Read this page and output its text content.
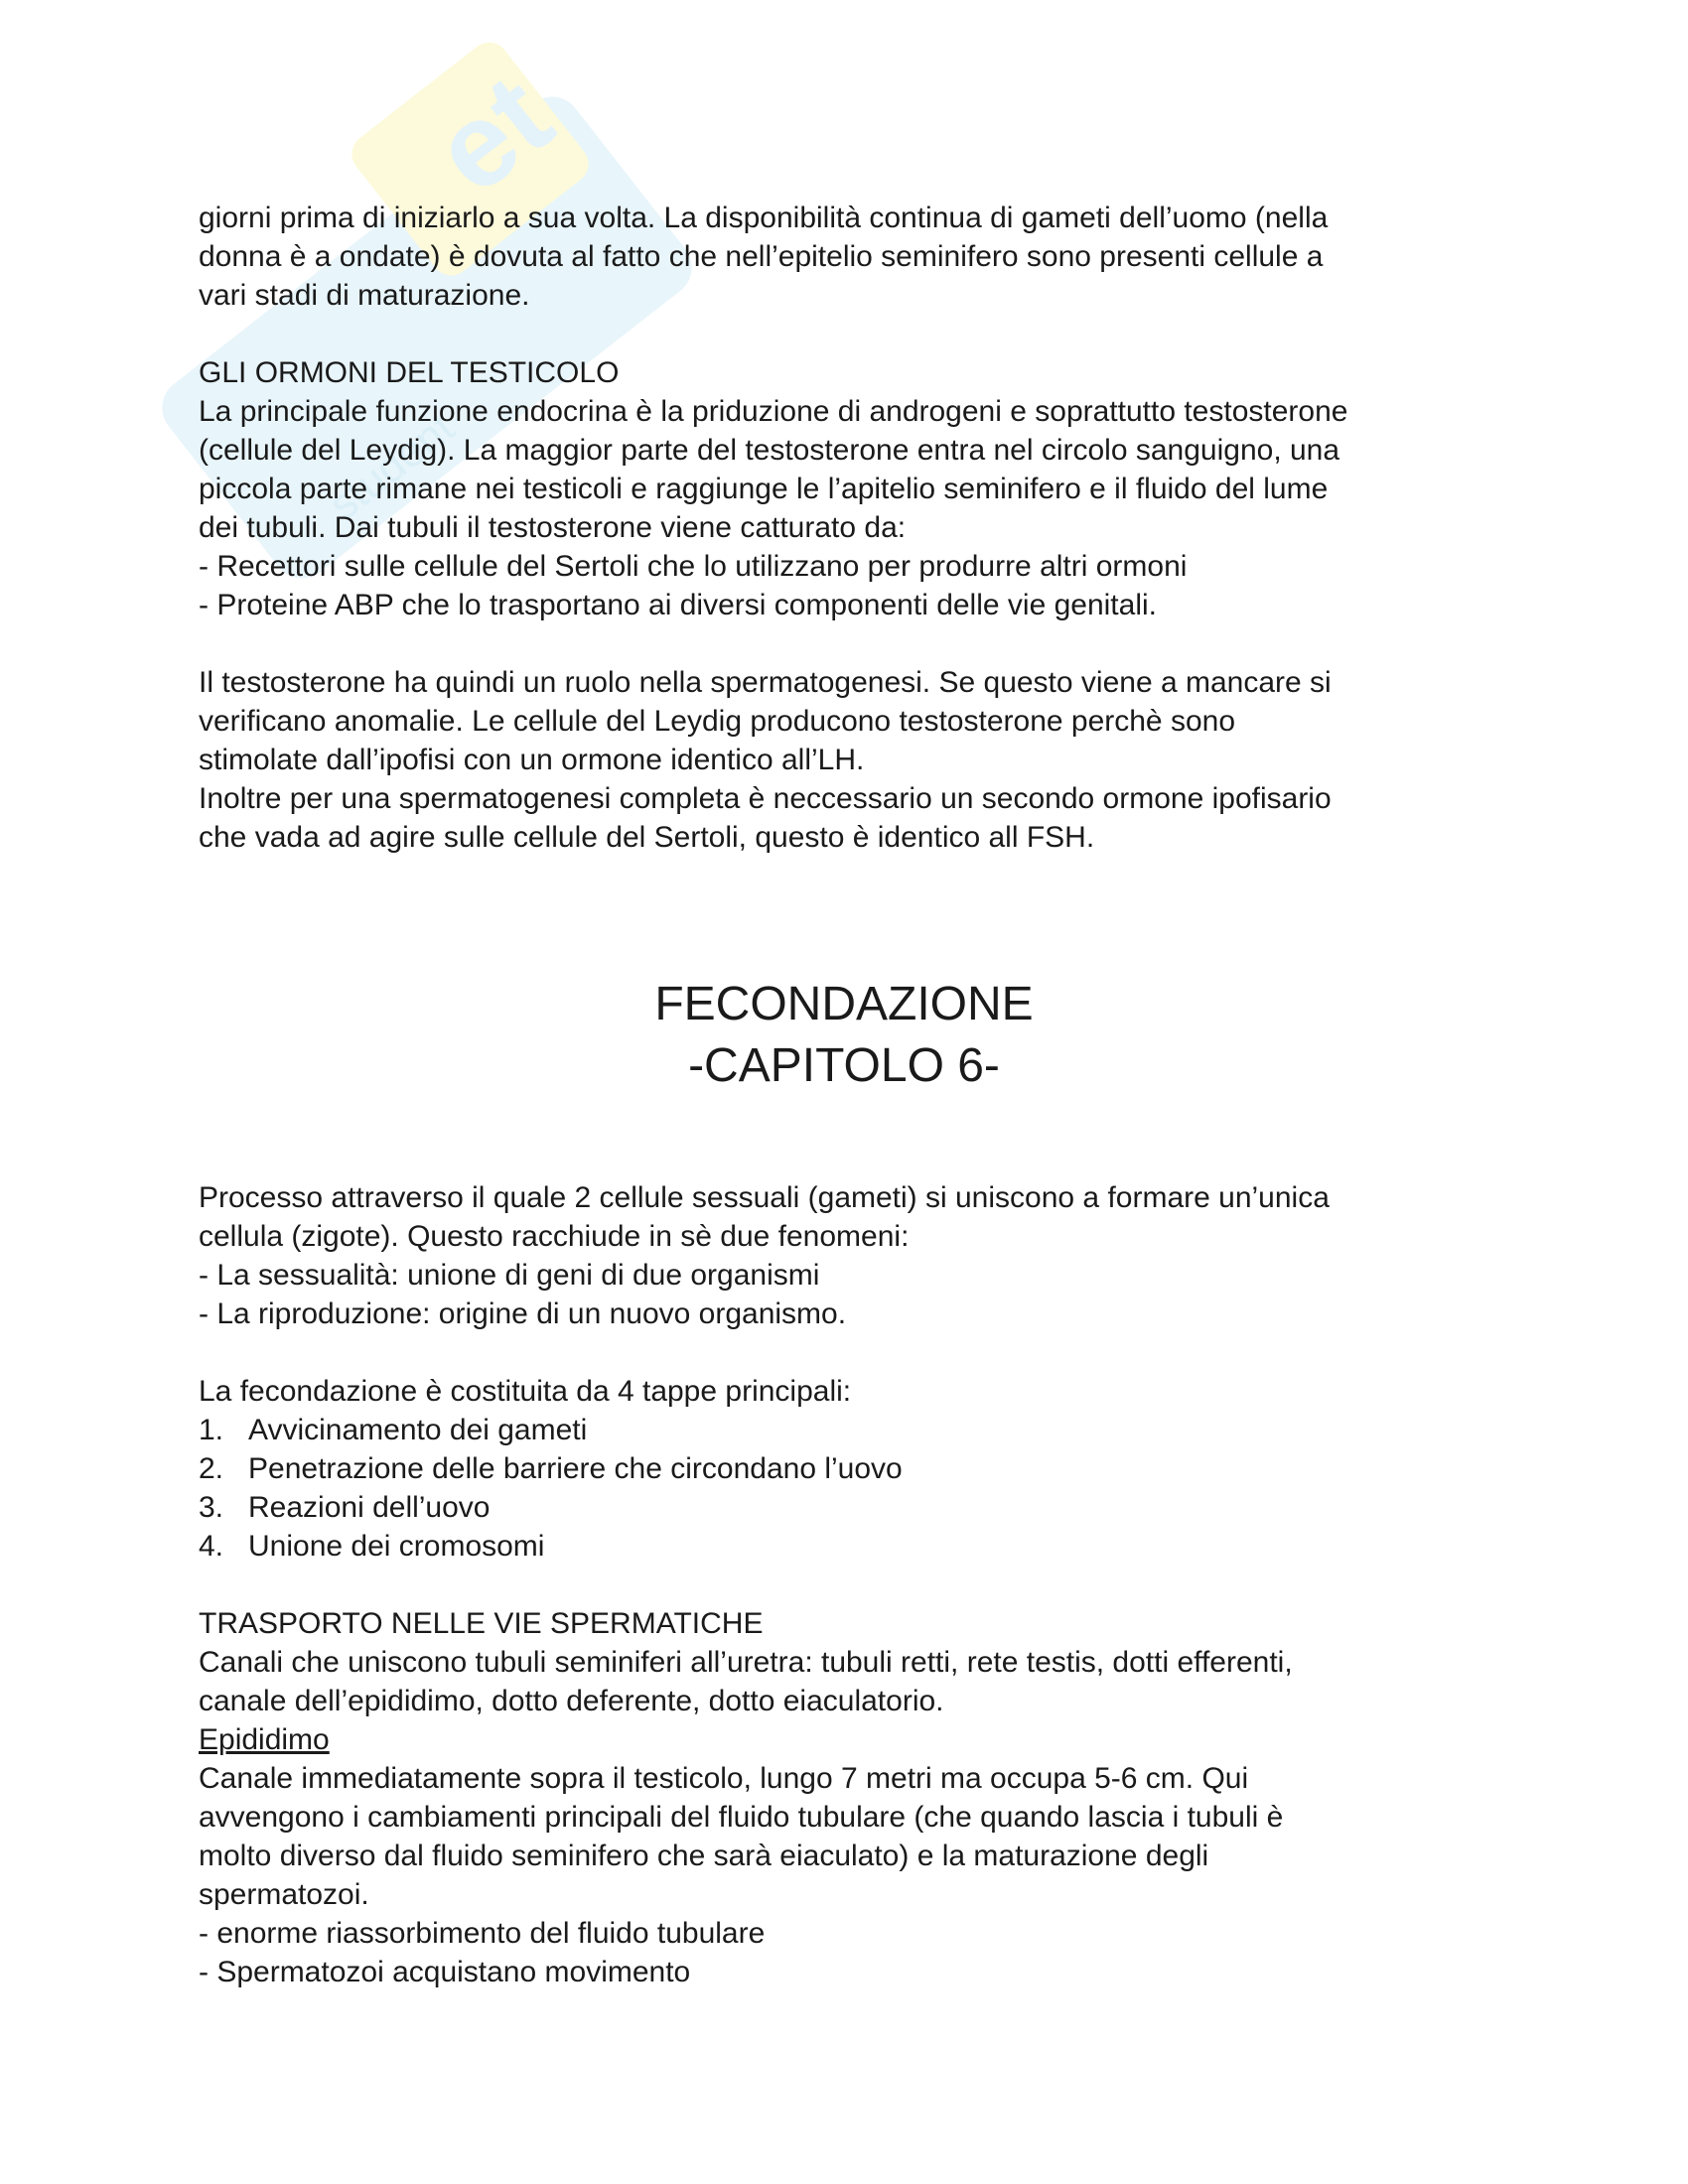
et
student

giorni prima di iniziarlo a sua volta. La disponibilità continua di gameti dell’uomo (nella

donna è a ondate) è dovuta al fatto che nell’epitelio seminifero sono presenti cellule a

vari stadi di maturazione.

GLI ORMONI DEL TESTICOLO

La principale funzione endocrina è la priduzione di androgeni e soprattutto testosterone

(cellule del Leydig). La maggior parte del testosterone entra nel circolo sanguigno, una

piccola parte rimane nei testicoli e raggiunge le l’apitelio seminifero e il fluido del lume

dei tubuli. Dai tubuli il testosterone viene catturato da:

- Recettori sulle cellule del Sertoli che lo utilizzano per produrre altri ormoni

- Proteine ABP che lo trasportano ai diversi componenti delle vie genitali.

Il testosterone ha quindi un ruolo nella spermatogenesi. Se questo viene a mancare si

verificano anomalie. Le cellule del Leydig producono testosterone perchè sono

stimolate dall’ipofisi con un ormone identico all’LH.

Inoltre per una spermatogenesi completa è neccessario un secondo ormone ipofisario

che vada ad agire sulle cellule del Sertoli, questo è identico all FSH.

FECONDAZIONE

-CAPITOLO 6-

Processo attraverso il quale 2 cellule sessuali (gameti) si uniscono a formare un’unica

cellula (zigote). Questo racchiude in sè due fenomeni:

- La sessualità: unione di geni di due organismi

- La riproduzione: origine di un nuovo organismo.

La fecondazione è costituita da 4 tappe principali:

1. Avvicinamento dei gameti
2. Penetrazione delle barriere che circondano l’uovo
3. Reazioni dell’uovo
4. Unione dei cromosomi

TRASPORTO NELLE VIE SPERMATICHE

Canali che uniscono tubuli seminiferi all’uretra: tubuli retti, rete testis, dotti efferenti,

canale dell’epididimo, dotto deferente, dotto eiaculatorio.

Epididimo

Canale immediatamente sopra il testicolo, lungo 7 metri ma occupa 5-6 cm. Qui

avvengono i cambiamenti principali del fluido tubulare (che quando lascia i tubuli è

molto diverso dal fluido seminifero che sarà eiaculato) e la maturazione degli

spermatozoi.

- enorme riassorbimento del fluido tubulare

- Spermatozoi acquistano movimento
